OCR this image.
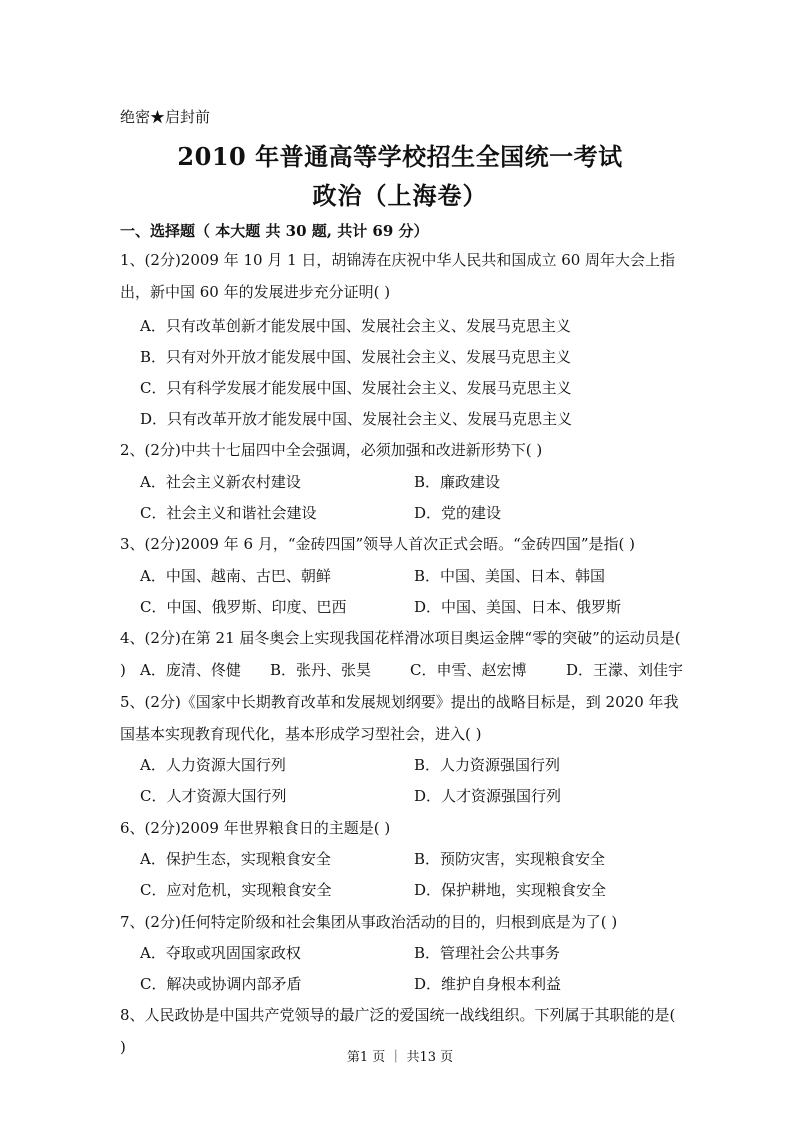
绝密★启封前
2010 年普通高等学校招生全国统一考试
政治（上海卷）
一、选择题（ 本大题 共 30 题, 共计 69 分）
1、(2分)2009 年 10 月 1 日，胡锦涛在庆祝中华人民共和国成立 60 周年大会上指出，新中国 60 年的发展进步充分证明( )
A．只有改革创新才能发展中国、发展社会主义、发展马克思主义
B．只有对外开放才能发展中国、发展社会主义、发展马克思主义
C．只有科学发展才能发展中国、发展社会主义、发展马克思主义
D．只有改革开放才能发展中国、发展社会主义、发展马克思主义
2、(2分)中共十七届四中全会强调，必须加强和改进新形势下( )
A．社会主义新农村建设	B．廉政建设
C．社会主义和谐社会建设	D．党的建设
3、(2分)2009 年 6 月，“金砖四国”领导人首次正式会晤。“金砖四国”是指( )
A．中国、越南、古巴、朝鲜	B．中国、美国、日本、韩国
C．中国、俄罗斯、印度、巴西	D．中国、美国、日本、俄罗斯
4、(2分)在第 21 届冬奥会上实现我国花样滑冰项目奥运金牌“零的突破”的运动员是( ) A．庞清、佟健 B．张丹、张昊	C．申雪、赵宏博	D．王濛、刘佳宇
5、(2分)《国家中长期教育改革和发展规划纲要》提出的战略目标是，到 2020 年我国基本实现教育现代化，基本形成学习型社会，进入( )
A．人力资源大国行列	B．人力资源强国行列
C．人才资源大国行列	D．人才资源强国行列
6、(2分)2009 年世界粮食日的主题是( )
A．保护生态，实现粮食安全	B．预防灾害，实现粮食安全
C．应对危机，实现粮食安全	D．保护耕地，实现粮食安全
7、(2分)任何特定阶级和社会集团从事政治活动的目的，归根到底是为了( )
A．夺取或巩固国家政权	B．管理社会公共事务
C．解决或协调内部矛盾	D．维护自身根本利益
8、人民政协是中国共产党领导的最广泛的爱国统一战线组织。下列属于其职能的是( )
第1 页 ｜ 共13 页
